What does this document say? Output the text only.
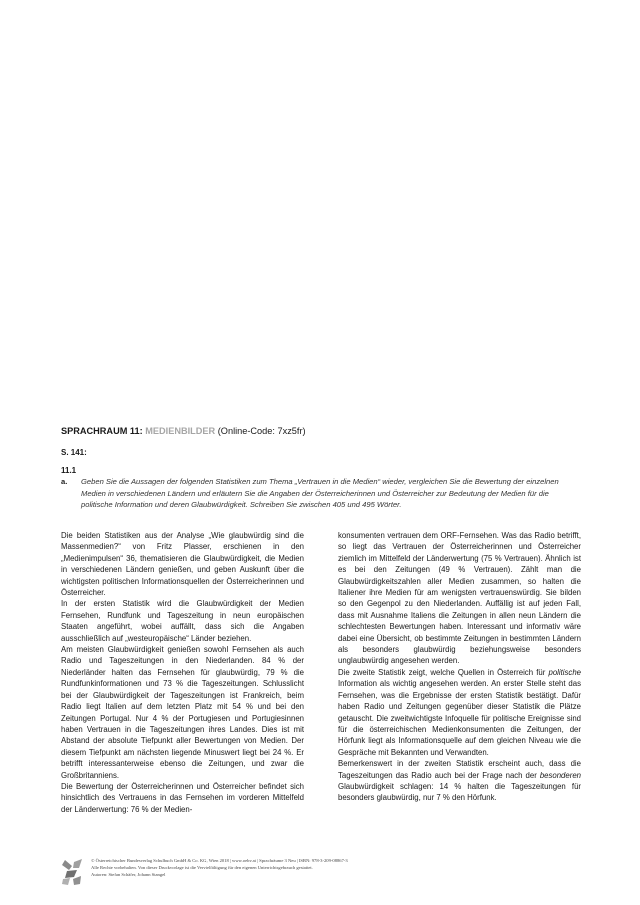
SPRACHRAUM 11: MEDIENBILDER (Online-Code: 7xz5fr)
S. 141:
11.1
a. Geben Sie die Aussagen der folgenden Statistiken zum Thema „Vertrauen in die Medien“ wieder, vergleichen Sie die Bewertung der einzelnen Medien in verschiedenen Ländern und erläutern Sie die Angaben der Österreicherinnen und Österreicher zur Bedeutung der Medien für die politische Information und deren Glaubwürdigkeit. Schreiben Sie zwischen 405 und 495 Wörter.

Die beiden Statistiken aus der Analyse „Wie glaubwürdig sind die Massenmedien?“ von Fritz Plasser, erschienen in den „Medienimpulsen“ 36, thematisieren die Glaubwürdigkeit, die Medien in verschiedenen Ländern genießen, und geben Auskunft über die wichtigsten politischen Informationsquellen der Österreicherinnen und Österreicher.

In der ersten Statistik wird die Glaubwürdigkeit der Medien Fernsehen, Rundfunk und Tageszeitung in neun europäischen Staaten angeführt, wobei auffällt, dass sich die Angaben ausschließlich auf „westeuropäische“ Länder beziehen.

Am meisten Glaubwürdigkeit genießen sowohl Fernsehen als auch Radio und Tageszeitungen in den Niederlanden. 84 % der Niederländer halten das Fernsehen für glaubwürdig, 79 % die Rundfunkinformationen und 73 % die Tageszeitungen. Schlusslicht bei der Glaubwürdigkeit der Tageszeitungen ist Frankreich, beim Radio liegt Italien auf dem letzten Platz mit 54 % und bei den Zeitungen Portugal. Nur 4 % der Portugiesen und Portugiesinnen haben Vertrauen in die Tageszeitungen ihres Landes. Dies ist mit Abstand der absolute Tiefpunkt aller Bewertungen von Medien. Der diesem Tiefpunkt am nächsten liegende Minuswert liegt bei 24 %. Er betrifft interessanterweise ebenso die Zeitungen, und zwar die Großbritanniens.

Die Bewertung der Österreicherinnen und Österreicher befindet sich hinsichtlich des Vertrauens in das Fernsehen im vorderen Mittelfeld der Länderwertung: 76 % der Medien-

konsumenten vertrauen dem ORF-Fernsehen. Was das Radio betrifft, so liegt das Vertrauen der Österreicherinnen und Österreicher ziemlich im Mittelfeld der Länderwertung (75 % Vertrauen). Ähnlich ist es bei den Zeitungen (49 % Vertrauen). Zählt man die Glaubwürdigkeitszahlen aller Medien zusammen, so halten die Italiener ihre Medien für am wenigsten vertrauenswürdig. Sie bilden so den Gegenpol zu den Niederlanden. Auffällig ist auf jeden Fall, dass mit Ausnahme Italiens die Zeitungen in allen neun Ländern die schlechtesten Bewertungen haben. Interessant und informativ wäre dabei eine Übersicht, ob bestimmte Zeitungen in bestimmten Ländern als besonders glaubwürdig beziehungsweise besonders unglaubwürdig angesehen werden.

Die zweite Statistik zeigt, welche Quellen in Österreich für politische Information als wichtig angesehen werden. An erster Stelle steht das Fernsehen, was die Ergebnisse der ersten Statistik bestätigt. Dafür haben Radio und Zeitungen gegenüber dieser Statistik die Plätze getauscht. Die zweitwichtigste Infoquelle für politische Ereignisse sind für die österreichischen Medienkonsumenten die Zeitungen, der Hörfunk liegt als Informationsquelle auf dem gleichen Niveau wie die Gespräche mit Bekannten und Verwandten.

Bemerkenswert in der zweiten Statistik erscheint auch, dass die Tageszeitungen das Radio auch bei der Frage nach der besonderen Glaubwürdigkeit schlagen: 14 % halten die Tageszeitungen für besonders glaubwürdig, nur 7 % den Hörfunk.

© Österreichischer Bundesverlag Schulbuch GmbH & Co. KG, Wien 2018 | www.oebv.at | Sprachräume 3 Neu | ISBN: 978-3-209-08867-3
Alle Rechte vorbehalten. Von dieser Druckvorlage ist die Vervielfältigung für den eigenen Unterrichtsgebrauch gestattet.
Autoren: Stefan Schäfer, Johann Stangel
